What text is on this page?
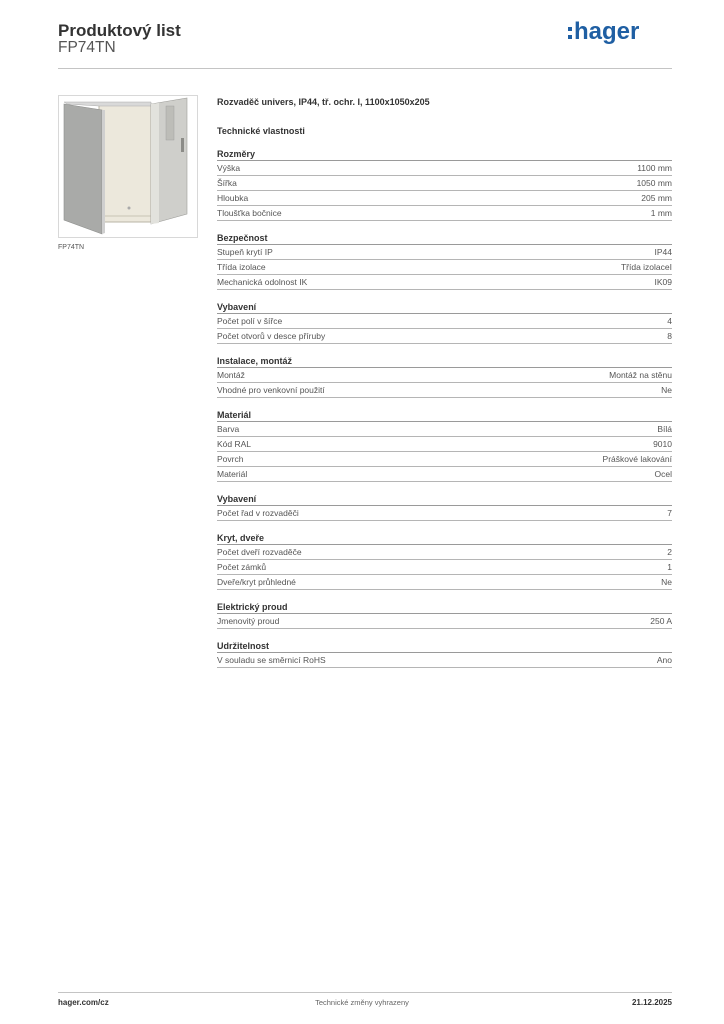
Produktový list
FP74TN
hager
FP74TN
Rozvaděč univers, IP44, tř. ochr. I, 1100x1050x205
Technické vlastnosti
Rozměry
Výška	1100 mm
Šířka	1050 mm
Hloubka	205 mm
Tloušťka bočnice	1 mm
Bezpečnost
Stupeň krytí IP	IP44
Třída izolace	Třída izolaceI
Mechanická odolnost IK	IK09
Vybavení
Počet polí v šířce	4
Počet otvorů v desce příruby	8
Instalace, montáž
Montáž	Montáž na stěnu
Vhodné pro venkovní použití	Ne
Materiál
Barva	Bílá
Kód RAL	9010
Povrch	Práškové lakování
Materiál	Ocel
Vybavení
Počet řad v rozvaděči	7
Kryt, dveře
Počet dveří rozvaděče	2
Počet zámků	1
Dveře/kryt průhledné	Ne
Elektrický proud
Jmenovitý proud	250 A
Udržitelnost
V souladu se směrnicí RoHS	Ano
hager.com/cz	Technické změny vyhrazeny	21.12.2025
